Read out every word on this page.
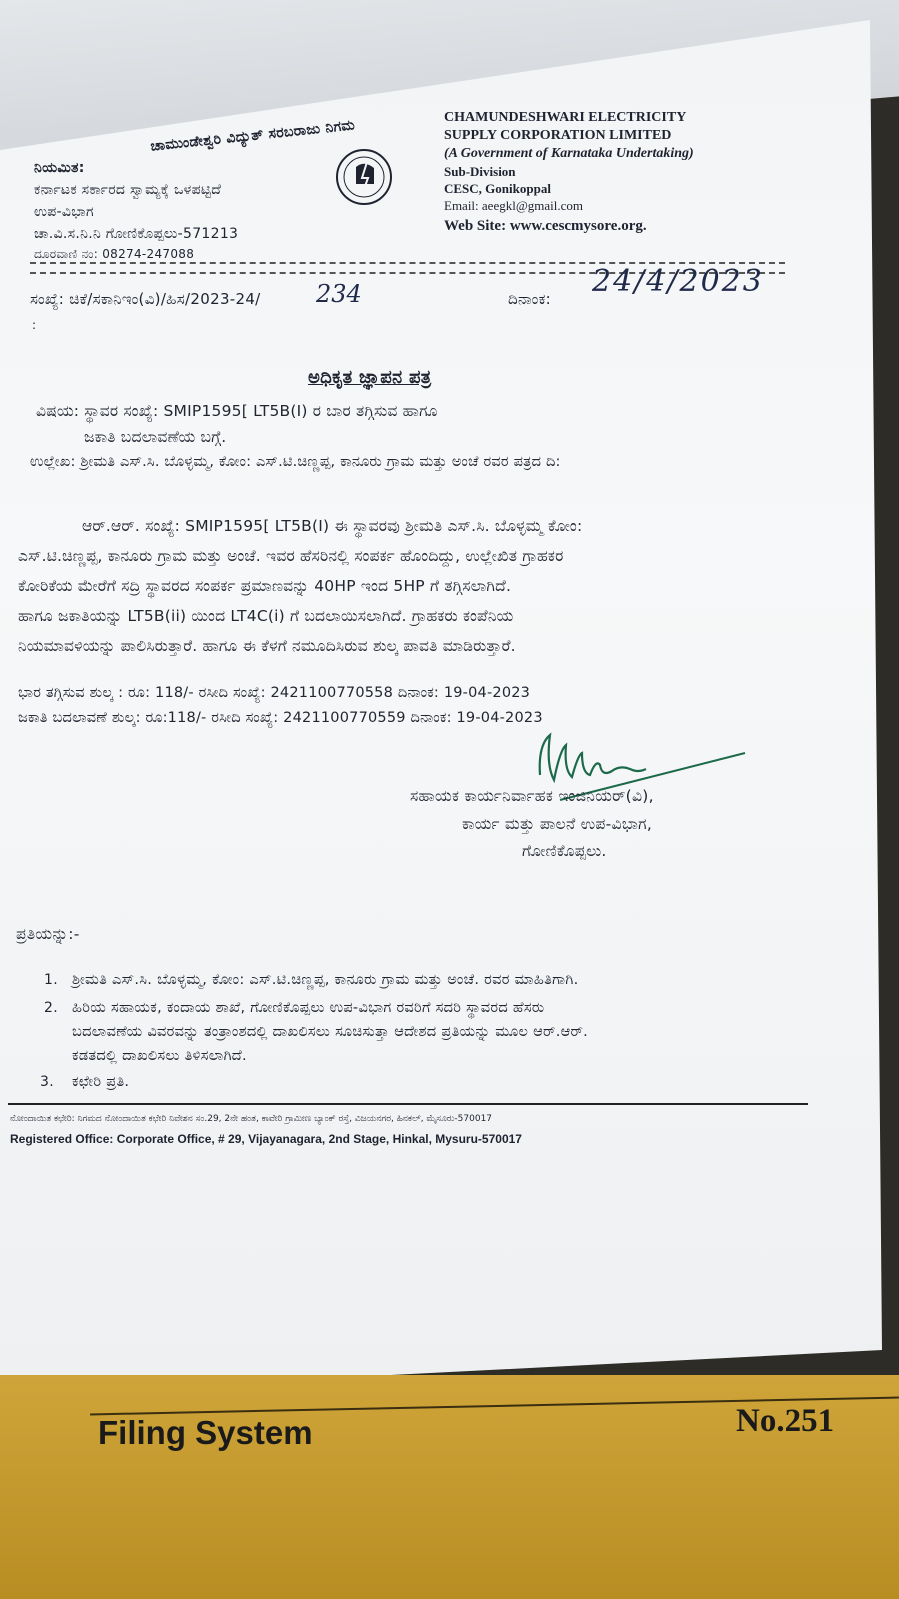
ಚಾಮುಂಡೇಶ್ವರಿ ವಿದ್ಯುತ್ ಸರಬರಾಜು ನಿಗಮ
ನಿಯಮಿತ:
ಕರ್ನಾಟಕ ಸರ್ಕಾರದ ಸ್ವಾಮ್ಯಕ್ಕೆ ಒಳಪಟ್ಟಿದೆ
ಉಪ-ವಿಭಾಗ
ಚಾ.ವಿ.ಸ.ನಿ.ನಿ ಗೋಣಿಕೊಪ್ಪಲು-571213
ದೂರವಾಣಿ ನಂ: 08274-247088
CHAMUNDESHWARI ELECTRICITY
SUPPLY CORPORATION LIMITED
(A Government of Karnataka Undertaking)
Sub-Division
CESC, Gonikoppal
Email: aeegkl@gmail.com
Web Site: www.cescmysore.org.
ಸಂಖ್ಯೆ: ಚಿಕೆ/ಸಕಾನಿಇಂ(ವಿ)/ಹಿಸ/2023-24/ 234	ದಿನಾಂಕ: 24/4/2023
:
ಅಧಿಕೃತ ಜ್ಞಾಪನ ಪತ್ರ
ವಿಷಯ: ಸ್ಥಾವರ ಸಂಖ್ಯೆ: SMIP1595[ LT5B(I) ರ ಬಾರ ತಗ್ಗಿಸುವ ಹಾಗೂ
ಜಕಾತಿ ಬದಲಾವಣೆಯ ಬಗ್ಗೆ.
ಉಲ್ಲೇಖ: ಶ್ರೀಮತಿ ಎಸ್.ಸಿ. ಬೊಳ್ಳಮ್ಮ, ಕೋಂ: ಎಸ್.ಟಿ.ಚಿಣ್ಣಪ್ಪ, ಕಾನೂರು ಗ್ರಾಮ ಮತ್ತು ಅಂಚೆ ರವರ ಪತ್ರದ ದಿ:
ಆರ್.ಆರ್. ಸಂಖ್ಯೆ: SMIP1595[ LT5B(I) ಈ ಸ್ಥಾವರವು ಶ್ರೀಮತಿ ಎಸ್.ಸಿ. ಬೊಳ್ಳಮ್ಮ ಕೋಂ:
ಎಸ್.ಟಿ.ಚಿಣ್ಣಪ್ಪ, ಕಾನೂರು ಗ್ರಾಮ ಮತ್ತು ಅಂಚೆ. ಇವರ ಹೆಸರಿನಲ್ಲಿ ಸಂಪರ್ಕ ಹೊಂದಿದ್ದು, ಉಲ್ಲೇಖಿತ ಗ್ರಾಹಕರ
ಕೋರಿಕೆಯ ಮೇರೆಗೆ ಸದ್ರಿ ಸ್ಥಾವರದ ಸಂಪರ್ಕ ಪ್ರಮಾಣವನ್ನು 40HP ಇಂದ 5HP ಗೆ ತಗ್ಗಿಸಲಾಗಿದೆ.
ಹಾಗೂ ಜಕಾತಿಯನ್ನು LT5B(ii) ಯಿಂದ LT4C(i) ಗೆ ಬದಲಾಯಿಸಲಾಗಿದೆ. ಗ್ರಾಹಕರು ಕಂಪೆನಿಯ
ನಿಯಮಾವಳಿಯನ್ನು ಪಾಲಿಸಿರುತ್ತಾರೆ. ಹಾಗೂ ಈ ಕೆಳಗೆ ನಮೂದಿಸಿರುವ ಶುಲ್ಕ ಪಾವತಿ ಮಾಡಿರುತ್ತಾರೆ.
ಭಾರ ತಗ್ಗಿಸುವ ಶುಲ್ಕ : ರೂ: 118/- ರಸೀದಿ ಸಂಖ್ಯೆ: 2421100770558 ದಿನಾಂಕ: 19-04-2023
ಜಕಾತಿ ಬದಲಾವಣೆ ಶುಲ್ಕ: ರೂ:118/- ರಸೀದಿ ಸಂಖ್ಯೆ: 2421100770559 ದಿನಾಂಕ: 19-04-2023
ಸಹಾಯಕ ಕಾರ್ಯನಿರ್ವಾಹಕ ಇಂಜಿನಿಯರ್(ವಿ),
ಕಾರ್ಯ ಮತ್ತು ಪಾಲನೆ ಉಪ-ವಿಭಾಗ,
ಗೋಣಿಕೊಪ್ಪಲು.
ಪ್ರತಿಯನ್ನು:-
1. ಶ್ರೀಮತಿ ಎಸ್.ಸಿ. ಬೊಳ್ಳಮ್ಮ, ಕೋಂ: ಎಸ್.ಟಿ.ಚಿಣ್ಣಪ್ಪ, ಕಾನೂರು ಗ್ರಾಮ ಮತ್ತು ಅಂಚೆ. ರವರ ಮಾಹಿತಿಗಾಗಿ.
2. ಹಿರಿಯ ಸಹಾಯಕ, ಕಂದಾಯ ಶಾಖೆ, ಗೋಣಿಕೊಪ್ಪಲು ಉಪ-ವಿಭಾಗ ರವರಿಗೆ ಸದರಿ ಸ್ಥಾವರದ ಹೆಸರು
ಬದಲಾವಣೆಯ ವಿವರವನ್ನು ತಂತ್ರಾಂಶದಲ್ಲಿ ದಾಖಲಿಸಲು ಸೂಚಿಸುತ್ತಾ ಆದೇಶದ ಪ್ರತಿಯನ್ನು ಮೂಲ ಆರ್.ಆರ್.
ಕಡತದಲ್ಲಿ ದಾಖಲಿಸಲು ತಿಳಿಸಲಾಗಿದೆ.
3. ಕಛೇರಿ ಪ್ರತಿ.
ನೋಂದಾಯಿತ ಕಛೇರಿ: ನಿಗಮದ ನೋಂದಾಯಿತ ಕಛೇರಿ ನಿವೇಶನ ಸಂ.29, 2ನೇ ಹಂತ, ಕಾವೇರಿ ಗ್ರಾಮೀಣ ಬ್ಯಾಂಕ್ ರಸ್ತೆ, ವಿಜಯನಗರ, ಹಿನಕಲ್, ಮೈಸೂರು-570017
Registered Office: Corporate Office, # 29, Vijayanagara, 2nd Stage, Hinkal, Mysuru-570017
Filing System	No.251
